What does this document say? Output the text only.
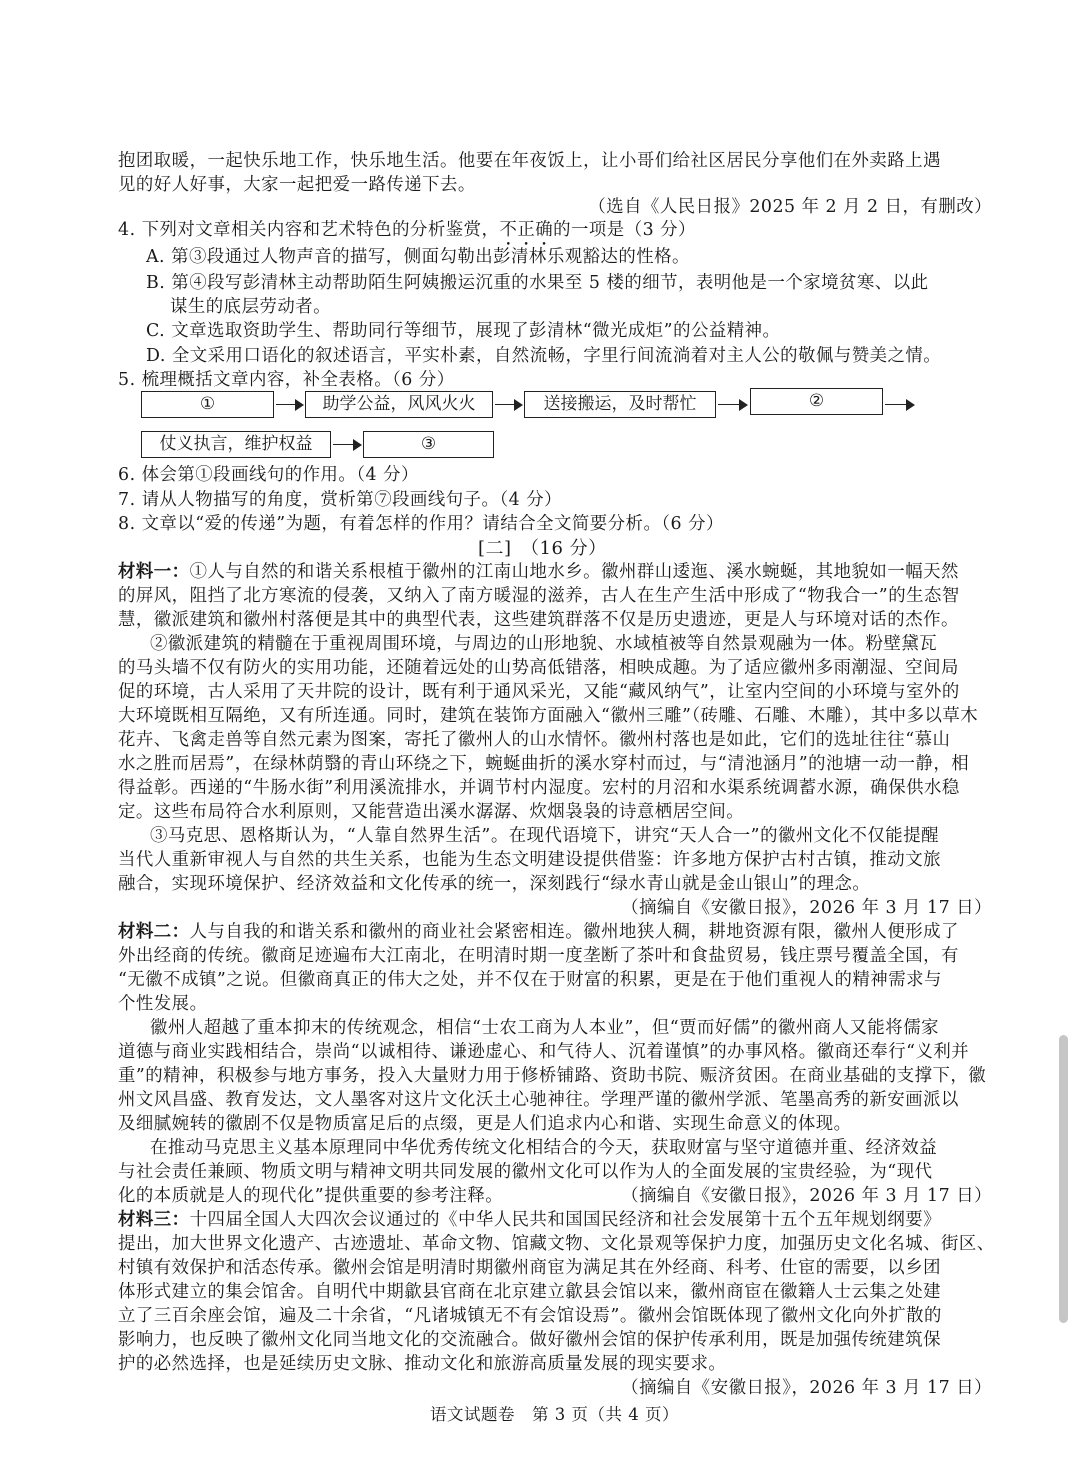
抱团取暖，一起快乐地工作，快乐地生活。他要在年夜饭上，让小哥们给社区居民分享他们在外卖路上遇
见的好人好事，大家一起把爱一路传递下去。
（选自《人民日报》2025 年 2 月 2 日，有删改）
4. 下列对文章相关内容和艺术特色的分析鉴赏，不正确的一项是（3 分）
A. 第③段通过人物声音的描写，侧面勾勒出彭清林乐观豁达的性格。
B. 第④段写彭清林主动帮助陌生阿姨搬运沉重的水果至 5 楼的细节，表明他是一个家境贫寒、以此
谋生的底层劳动者。
C. 文章选取资助学生、帮助同行等细节，展现了彭清林“微光成炬”的公益精神。
D. 全文采用口语化的叙述语言，平实朴素，自然流畅，字里行间流淌着对主人公的敬佩与赞美之情。
5. 梳理概括文章内容，补全表格。（6 分）
①	助学公益，风风火火	送接搬运，及时帮忙	②
仗义执言，维护权益	③
6. 体会第①段画线句的作用。（4 分）
7. 请从人物描写的角度，赏析第⑦段画线句子。（4 分）
8. 文章以“爱的传递”为题，有着怎样的作用？请结合全文简要分析。（6 分）
[二]　（16 分）
材料一：①人与自然的和谐关系根植于徽州的江南山地水乡。徽州群山逶迤、溪水蜿蜒，其地貌如一幅天然
的屏风，阻挡了北方寒流的侵袭，又纳入了南方暖湿的滋养，古人在生产生活中形成了“物我合一”的生态智
慧，徽派建筑和徽州村落便是其中的典型代表，这些建筑群落不仅是历史遗迹，更是人与环境对话的杰作。
②徽派建筑的精髓在于重视周围环境，与周边的山形地貌、水域植被等自然景观融为一体。粉壁黛瓦
的马头墙不仅有防火的实用功能，还随着远处的山势高低错落，相映成趣。为了适应徽州多雨潮湿、空间局
促的环境，古人采用了天井院的设计，既有利于通风采光，又能“藏风纳气”，让室内空间的小环境与室外的
大环境既相互隔绝，又有所连通。同时，建筑在装饰方面融入“徽州三雕”（砖雕、石雕、木雕），其中多以草木
花卉、飞禽走兽等自然元素为图案，寄托了徽州人的山水情怀。徽州村落也是如此，它们的选址往往“慕山
水之胜而居焉”，在绿林荫翳的青山环绕之下，蜿蜒曲折的溪水穿村而过，与“清池涵月”的池塘一动一静，相
得益彰。西递的“牛肠水街”利用溪流排水，并调节村内湿度。宏村的月沼和水渠系统调蓄水源，确保供水稳
定。这些布局符合水利原则，又能营造出溪水潺潺、炊烟袅袅的诗意栖居空间。
③马克思、恩格斯认为，“人靠自然界生活”。在现代语境下，讲究“天人合一”的徽州文化不仅能提醒
当代人重新审视人与自然的共生关系，也能为生态文明建设提供借鉴：许多地方保护古村古镇，推动文旅
融合，实现环境保护、经济效益和文化传承的统一，深刻践行“绿水青山就是金山银山”的理念。
（摘编自《安徽日报》，2026 年 3 月 17 日）
材料二：人与自我的和谐关系和徽州的商业社会紧密相连。徽州地狭人稠，耕地资源有限，徽州人便形成了
外出经商的传统。徽商足迹遍布大江南北，在明清时期一度垄断了茶叶和食盐贸易，钱庄票号覆盖全国，有
“无徽不成镇”之说。但徽商真正的伟大之处，并不仅在于财富的积累，更是在于他们重视人的精神需求与
个性发展。
徽州人超越了重本抑末的传统观念，相信“士农工商为人本业”，但“贾而好儒”的徽州商人又能将儒家
道德与商业实践相结合，崇尚“以诚相待、谦逊虚心、和气待人、沉着谨慎”的办事风格。徽商还奉行“义利并
重”的精神，积极参与地方事务，投入大量财力用于修桥铺路、资助书院、赈济贫困。在商业基础的支撑下，徽
州文风昌盛、教育发达，文人墨客对这片文化沃土心驰神往。学理严谨的徽州学派、笔墨高秀的新安画派以
及细腻婉转的徽剧不仅是物质富足后的点缀，更是人们追求内心和谐、实现生命意义的体现。
在推动马克思主义基本原理同中华优秀传统文化相结合的今天，获取财富与坚守道德并重、经济效益
与社会责任兼顾、物质文明与精神文明共同发展的徽州文化可以作为人的全面发展的宝贵经验，为“现代
化的本质就是人的现代化”提供重要的参考注释。	（摘编自《安徽日报》，2026 年 3 月 17 日）
材料三：十四届全国人大四次会议通过的《中华人民共和国国民经济和社会发展第十五个五年规划纲要》
提出，加大世界文化遗产、古迹遗址、革命文物、馆藏文物、文化景观等保护力度，加强历史文化名城、街区、
村镇有效保护和活态传承。徽州会馆是明清时期徽州商宦为满足其在外经商、科考、仕宦的需要，以乡团
体形式建立的集会馆舍。自明代中期歙县官商在北京建立歙县会馆以来，徽州商宦在徽籍人士云集之处建
立了三百余座会馆，遍及二十余省，“凡诸城镇无不有会馆设焉”。徽州会馆既体现了徽州文化向外扩散的
影响力，也反映了徽州文化同当地文化的交流融合。做好徽州会馆的保护传承利用，既是加强传统建筑保
护的必然选择，也是延续历史文脉、推动文化和旅游高质量发展的现实要求。
（摘编自《安徽日报》，2026 年 3 月 17 日）
语文试题卷　第 3 页（共 4 页）
